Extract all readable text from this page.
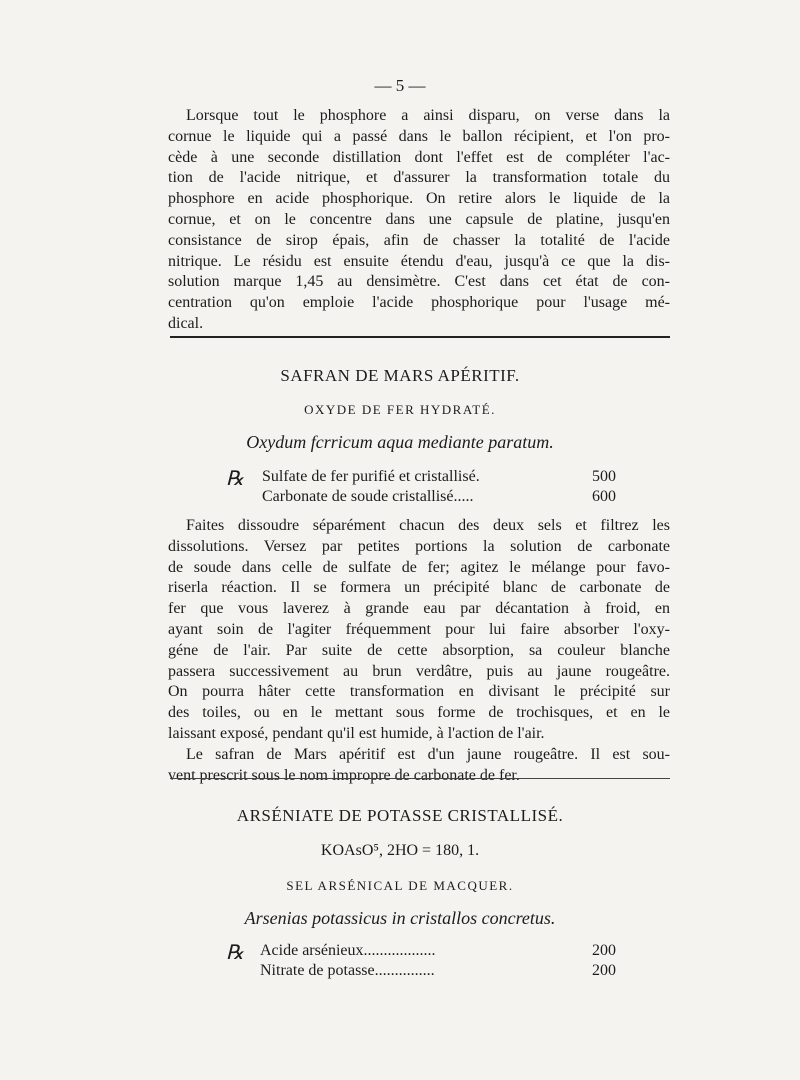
— 5 —
Lorsque tout le phosphore a ainsi disparu, on verse dans la
cornue le liquide qui a passé dans le ballon récipient, et l'on pro-
cède à une seconde distillation dont l'effet est de compléter l'ac-
tion de l'acide nitrique, et d'assurer la transformation totale du
phosphore en acide phosphorique. On retire alors le liquide de la
cornue, et on le concentre dans une capsule de platine, jusqu'en
consistance de sirop épais, afin de chasser la totalité de l'acide
nitrique. Le résidu est ensuite étendu d'eau, jusqu'à ce que la dis-
solution marque 1,45 au densimètre. C'est dans cet état de con-
centration qu'on emploie l'acide phosphorique pour l'usage mé-
dical.
SAFRAN DE MARS APÉRITIF.
OXYDE DE FER HYDRATÉ.
Oxydum fcrricum aqua mediante paratum.
℞ Sulfate de fer purifié et cristallisé.	500
Carbonate de soude cristallisé.....	600
Faites dissoudre séparément chacun des deux sels et filtrez les
dissolutions. Versez par petites portions la solution de carbonate
de soude dans celle de sulfate de fer; agitez le mélange pour favo-
riserla réaction. Il se formera un précipité blanc de carbonate de
fer que vous laverez à grande eau par décantation à froid, en
ayant soin de l'agiter fréquemment pour lui faire absorber l'oxy-
géne de l'air. Par suite de cette absorption, sa couleur blanche
passera successivement au brun verdâtre, puis au jaune rougeâtre.
On pourra hâter cette transformation en divisant le précipité sur
des toiles, ou en le mettant sous forme de trochisques, et en le
laissant exposé, pendant qu'il est humide, à l'action de l'air.
Le safran de Mars apéritif est d'un jaune rougeâtre. Il est sou-
vent prescrit sous le nom impropre de carbonate de fer.
ARSÉNIATE DE POTASSE CRISTALLISÉ.
KOAsO⁵, 2HO = 180, 1.
SEL ARSÉNICAL DE MACQUER.
Arsenias potassicus in cristallos concretus.
℞ Acide arsénieux..................	200
Nitrate de potasse...............	200
